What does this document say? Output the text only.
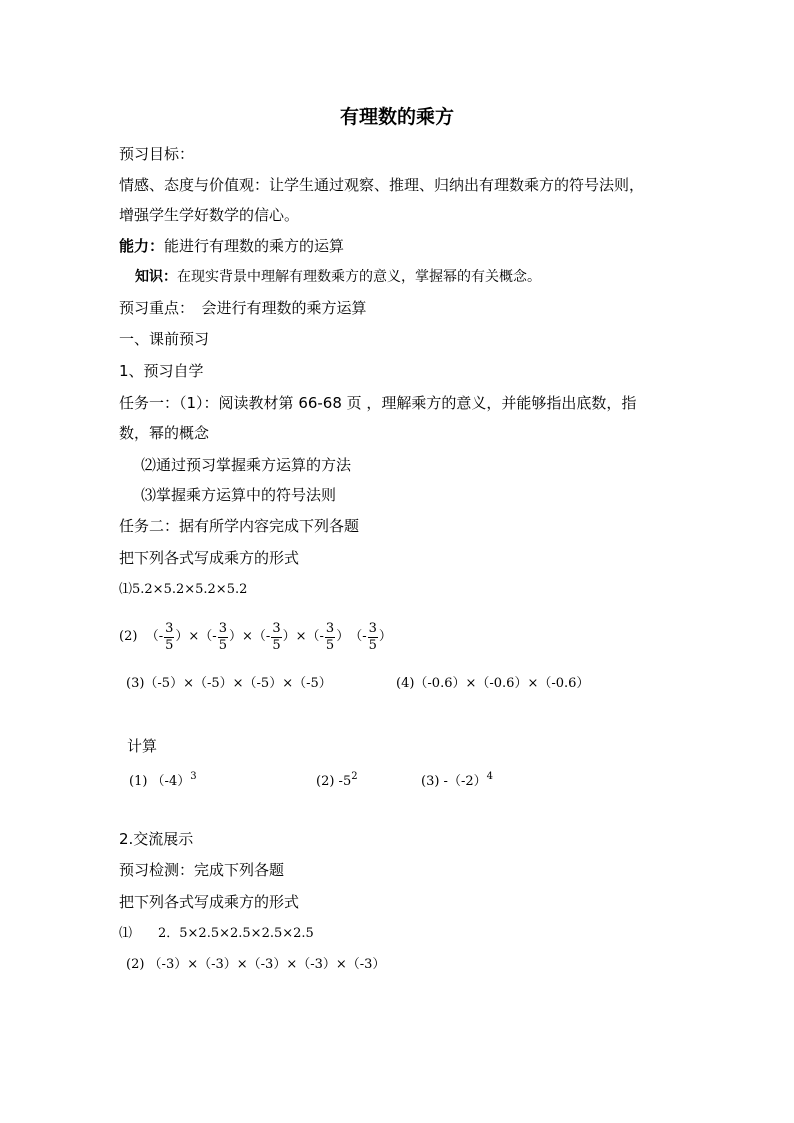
有理数的乘方
预习目标：
情感、态度与价值观：让学生通过观察、推理、归纳出有理数乘方的符号法则，
增强学生学好数学的信心。
能力：能进行有理数的乘方的运算
知识：在现实背景中理解有理数乘方的意义，掌握幂的有关概念。
预习重点：　会进行有理数的乘方运算
一、课前预习
1、预习自学
任务一：（1）：阅读教材第 66-68 页 ，理解乘方的意义，并能够指出底数，指
数，幂的概念
⑵通过预习掌握乘方运算的方法
⑶掌握乘方运算中的符号法则
任务二：据有所学内容完成下列各题
把下列各式写成乘方的形式
⑴5.2×5.2×5.2×5.2
(2)
（- $\frac{3}{5}$ ） × （- $\frac{3}{5}$ ） × （- $\frac{3}{5}$ ） × （- $\frac{3}{5}$ ） （- $\frac{3}{5}$ ）
(3)（-5）×（-5）×（-5）×（-5）	(4)（-0.6）×（-0.6）×（-0.6）
计算
(1) $(-4)^3$	(2) $-5^2$	(3) $-(-2)^4$
2.交流展示
预习检测：完成下列各题
把下列各式写成乘方的形式
⑴　　2．5×2.5×2.5×2.5×2.5
(2) （-3）×（-3）×（-3）×（-3）×（-3）
